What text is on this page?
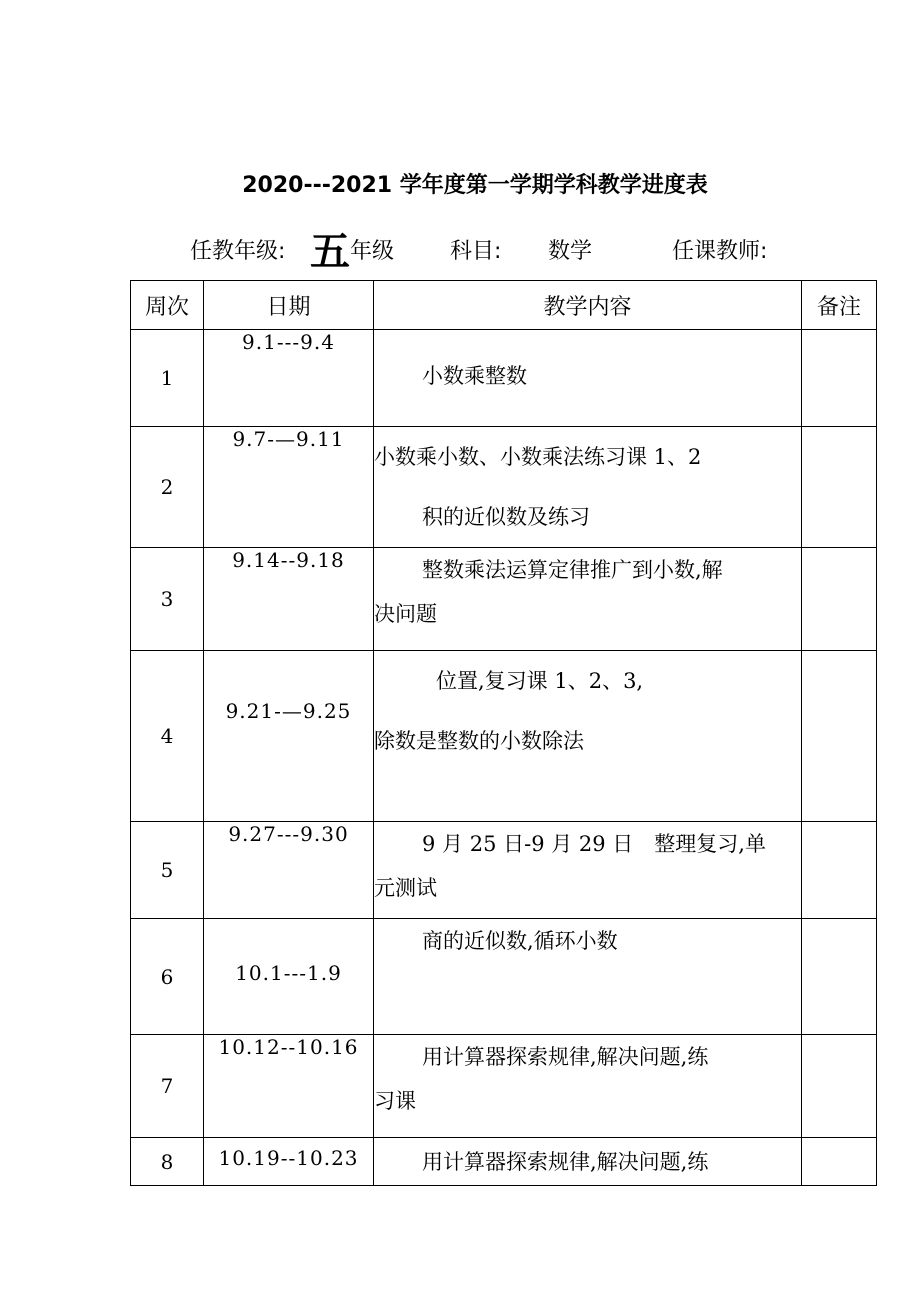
2020---2021 学年度第一学期学科教学进度表
任教年级: 五 年级	科目: 数学	任课教师:
周次	日期	教学内容	备注
1	9.1---9.4	小数乘整数	

2	9.7-—9.11	小数乘小数、小数乘法练习课 1、2
积的近似数及练习	

3	9.14--9.18	整数乘法运算定律推广到小数,解
决问题	

4	9.21-—9.25	位置,复习课 1、2、3,
除数是整数的小数除法	

5	9.27---9.30	9 月 25 日-9 月 29 日　整理复习,单
元测试	

6	10.1---1.9	商的近似数,循环小数	

7	10.12--10.16	用计算器探索规律,解决问题,练
习课	

8	10.19--10.23	用计算器探索规律,解决问题,练	
